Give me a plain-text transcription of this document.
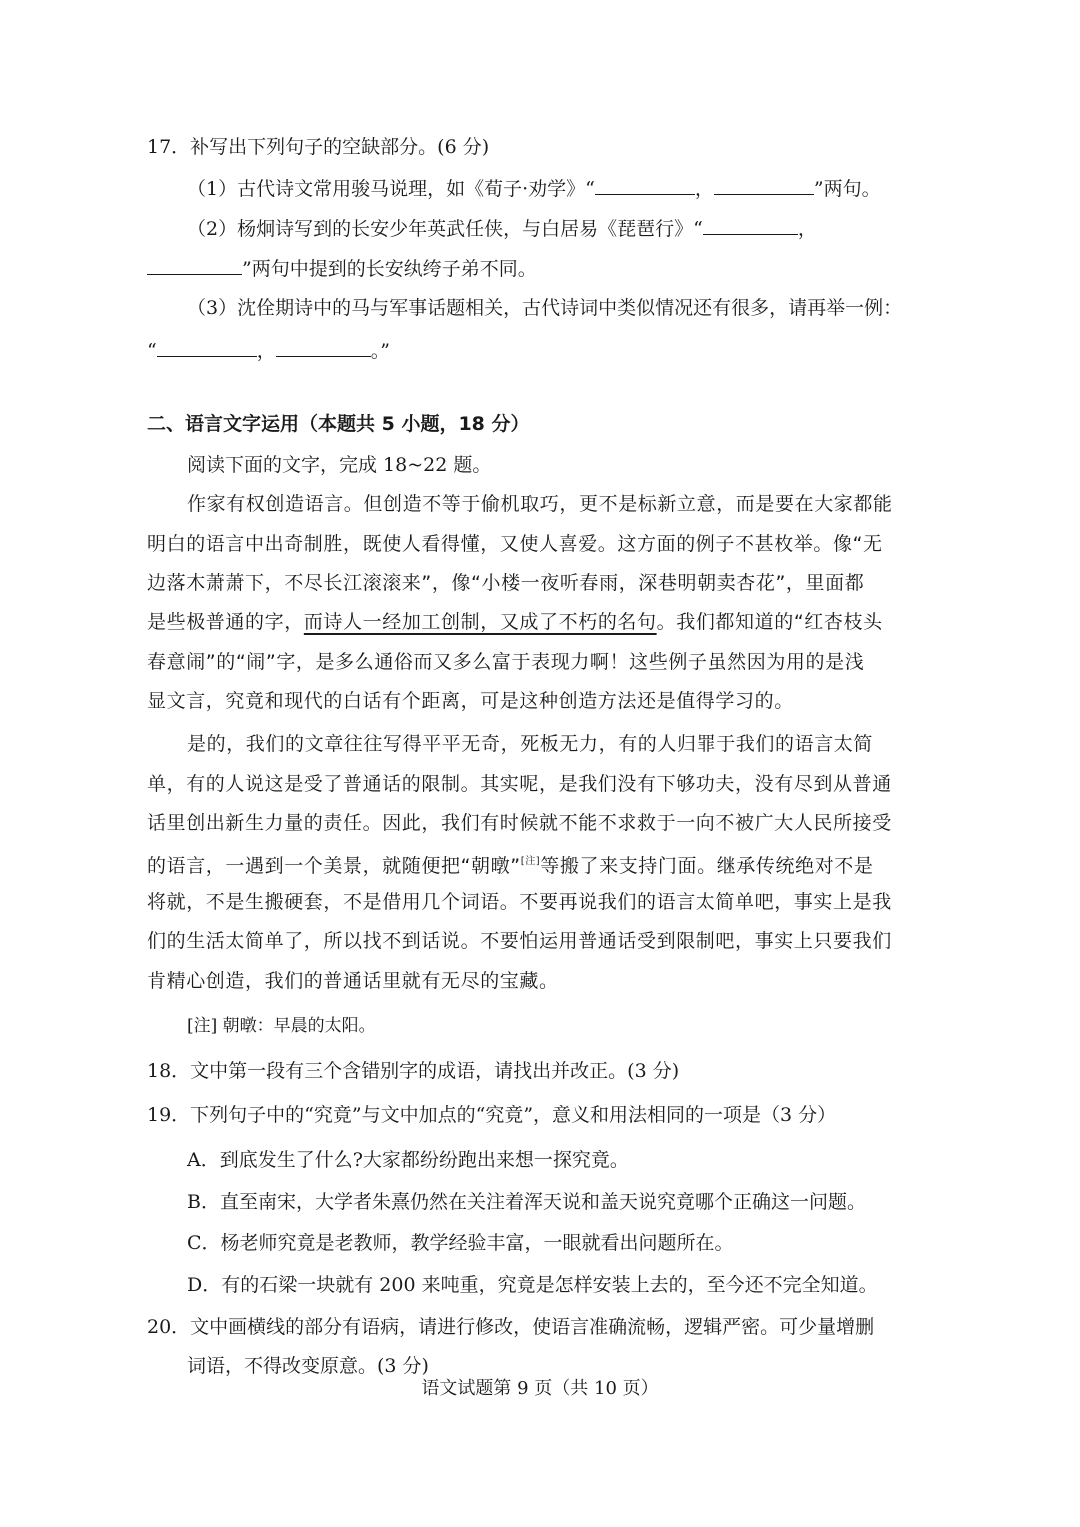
17．补写出下列句子的空缺部分。(6 分)
（1）古代诗文常用骏马说理，如《荀子·劝学》“	，	”两句。
（2）杨炯诗写到的长安少年英武任侠，与白居易《琵琶行》“	，
”两句中提到的长安纨绔子弟不同。
（3）沈佺期诗中的马与军事话题相关，古代诗词中类似情况还有很多，请再举一例：
“	，	。”
二、语言文字运用（本题共 5 小题，18 分）
阅读下面的文字，完成 18~22 题。
作家有权创造语言。但创造不等于偷机取巧，更不是标新立意，而是要在大家都能
明白的语言中出奇制胜，既使人看得懂，又使人喜爱。这方面的例子不甚枚举。像“无
边落木萧萧下，不尽长江滚滚来”，像“小楼一夜听春雨，深巷明朝卖杏花”，里面都
是些极普通的字，而诗人一经加工创制，又成了不朽的名句。我们都知道的“红杏枝头
春意闹”的“闹”字，是多么通俗而又多么富于表现力啊！这些例子虽然因为用的是浅
显文言，究竟和现代的白话有个距离，可是这种创造方法还是值得学习的。
是的，我们的文章往往写得平平无奇，死板无力，有的人归罪于我们的语言太简
单，有的人说这是受了普通话的限制。其实呢，是我们没有下够功夫，没有尽到从普通
话里创出新生力量的责任。因此，我们有时候就不能不求救于一向不被广大人民所接受
的语言，一遇到一个美景，就随便把“朝暾”[注]等搬了来支持门面。继承传统绝对不是
将就，不是生搬硬套，不是借用几个词语。不要再说我们的语言太简单吧，事实上是我
们的生活太简单了，所以找不到话说。不要怕运用普通话受到限制吧，事实上只要我们
肯精心创造，我们的普通话里就有无尽的宝藏。
[注] 朝暾：早晨的太阳。
18．文中第一段有三个含错别字的成语，请找出并改正。(3 分)
19．下列句子中的“究竟”与文中加点的“究竟”，意义和用法相同的一项是（3 分）
A．到底发生了什么?大家都纷纷跑出来想一探究竟。
B．直至南宋，大学者朱熹仍然在关注着浑天说和盖天说究竟哪个正确这一问题。
C．杨老师究竟是老教师，教学经验丰富，一眼就看出问题所在。
D．有的石梁一块就有 200 来吨重，究竟是怎样安装上去的，至今还不完全知道。
20．文中画横线的部分有语病，请进行修改，使语言准确流畅，逻辑严密。可少量增删
词语，不得改变原意。(3 分)
语文试题第 9 页（共 10 页）
